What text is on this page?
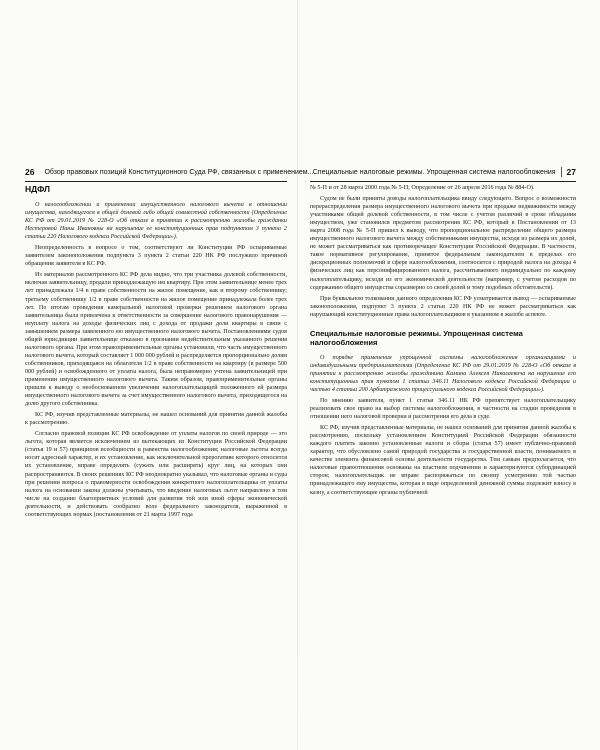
26 Обзор правовых позиций Конституционного Суда РФ, связанных с применением... Специальные налоговые режимы. Упрощенная система налогообложения 27
НДФЛ

О налогообложении и применении имущественного налогового вычета в отношении имущества, находящегося в общей долевой либо общей совместной собственности (Определение КС РФ от 29.01.2019 № 228-О «Об отказе в принятии к рассмотрению жалобы гражданки Нестеровой Нины Ивановны на нарушение ее конституционных прав подпунктом 3 пункта 2 статьи 220 Налогового кодекса Российской Федерации»).

Неопределенность в вопросе о том, соответствуют ли Конституции РФ оспариваемые заявителем законоположения подпункта 3 пункта 2 статьи 220 НК РФ послужило причиной обращения заявителя в КС РФ.

Из материалов рассмотренного КС РФ дела видно, что три участника долевой собственности, включая заявительницу, продали принадлежащую им квартиру. При этом заявительнице менее трех лет принадлежала 1/4 в праве собственности на жилое помещение, как и второму собственнику; третьему собственнику 1/2 в праве собственности на жилое помещение принадлежала более трех лет. По итогам проведения камеральной налоговой проверки решением налогового органа заявительница была привлечена к ответственности за совершение налогового правонарушения — неуплату налога на доходы физических лиц с дохода от продажи доли квартиры в связи с завышением размера заявленного ею имущественного налогового вычета. Постановлениями судов общей юрисдикции заявительнице отказано в признании недействительным указанного решения налогового органа. При этом правоприменительные органы установили, что часть имущественного налогового вычета, который составляет 1 000 000 рублей и распределяется пропорционально долям собственников, приходящаяся на облагателя 1/2 в праве собственности на квартиру (в размере 500 000 рублей) и освобожденного от уплаты налога, была неправомерно учтена заявительницей при применении имущественного налогового вычета. Таким образом, правоприменительные органы пришли к выводу о необоснованном увеличении налогоплательщицей положенного ей размера имущественного налогового вычета за счет имущественного налогового вычета, приходящегося на долю другого собственника.

КС РФ, изучив представленные материалы, не нашел оснований для принятия данной жалобы к рассмотрению.

Согласно правовой позиции КС РФ освобождение от уплаты налогов по своей природе — это льгота, которая является исключением из вытекающих из Конституции Российской Федерации (статья 19 и 57) принципов всеобщности и равенства налогообложения; налоговые льготы всегда носят адресный характер, и их установление, как исключительной прерогативе которого относится их установление, вправе определять (сужать или расширять) круг лиц, на которых они распространяются. В своих решениях КС РФ неоднократно указывал, что налоговые органы и суды при решении вопроса о правомерности освобождения конкретного налогоплательщика от уплаты налога на основании закона должны учитывать, что введение налоговых льгот направлено в том числе на создание благоприятных условий для развития той или иной сферы экономической деятельности, и действовать сообразно воле федерального законодателя, выраженной в соответствующих нормах (постановления от 21 марта 1997 года

№ 5-П и от 28 марта 2000 года № 5-П; Определение от 26 апреля 2016 года № 884-О).

Судом не были приняты доводы налогоплательщика ввиду следующего. Вопрос о возможности перераспределения размера имущественного налогового вычета при продаже недвижимости между участниками общей долевой собственности, в том числе с учетом различий в сроке обладания имуществом, уже становился предметом рассмотрения КС РФ, который в Постановлении от 13 марта 2008 года № 5-П пришел к выводу, что пропорциональное распределение общего размера имущественного налогового вычета между собственниками имущества, исходя из размера их долей, не может рассматриваться как противоречащее Конституции Российской Федерации. В частности, такое нормативное регулирование, принятое федеральным законодателем в пределах его дискреционных полномочий в сфере налогообложения, соотносится с природой налога на доходы 4 физических лиц как персонифицированного налога, рассчитываемого индивидуально по каждому налогоплательщику, исходя из его экономической деятельности (например, с учетом расходов по содержанию общего имущества соразмерно со своей долей и тому подобных обстоятельств).

При буквальном толковании данного определения КС РФ усматривается вывод — оспариваемые законоположения, подпункт 3 пункта 2 статьи 220 НК РФ не может рассматриваться как нарушающий конституционные права налогоплательщиков в указанном в жалобе аспекте.

Специальные налоговые режимы. Упрощенная система налогообложения

О порядке применения упрощенной системы налогообложения организациями и индивидуальными предпринимателями (Определение КС РФ от 29.01.2019 № 228-О «Об отказе в принятии к рассмотрению жалобы гражданина Камина Алексея Николаевича на нарушение его конституционных прав пунктом 1 статьи 346.11 Налогового кодекса Российской Федерации и частью 4 статьи 200 Арбитражного процессуального кодекса Российской Федерации»).

По мнению заявителя, пункт 1 статьи 346.11 НК РФ препятствует налогоплательщику реализовать свое право на выбор системы налогообложения, в частности на стадии проведения в отношении него налоговой проверки и рассмотрения его дела в суде.

КС РФ, изучив представленные материалы, не нашел оснований для принятия данной жалобы к рассмотрению, поскольку установлением Конституцией Российской Федерации обязанности каждого платить законно установленные налоги и сборы (статья 57) имеет публично-правовой характер, что обусловлено самой природой государства и государственной власти, понимаемого в качестве элемента финансовой основы деятельности государства. Тем самым предполагается, что налоговые правоотношения основаны на властном подчинении и характеризуются субординацией сторон; налогоплательщик не вправе распоряжаться по своему усмотрению той частью принадлежащего ему имущества, которая в виде определенной денежной суммы подлежит взносу в казну, а соответствующие органы публичной
